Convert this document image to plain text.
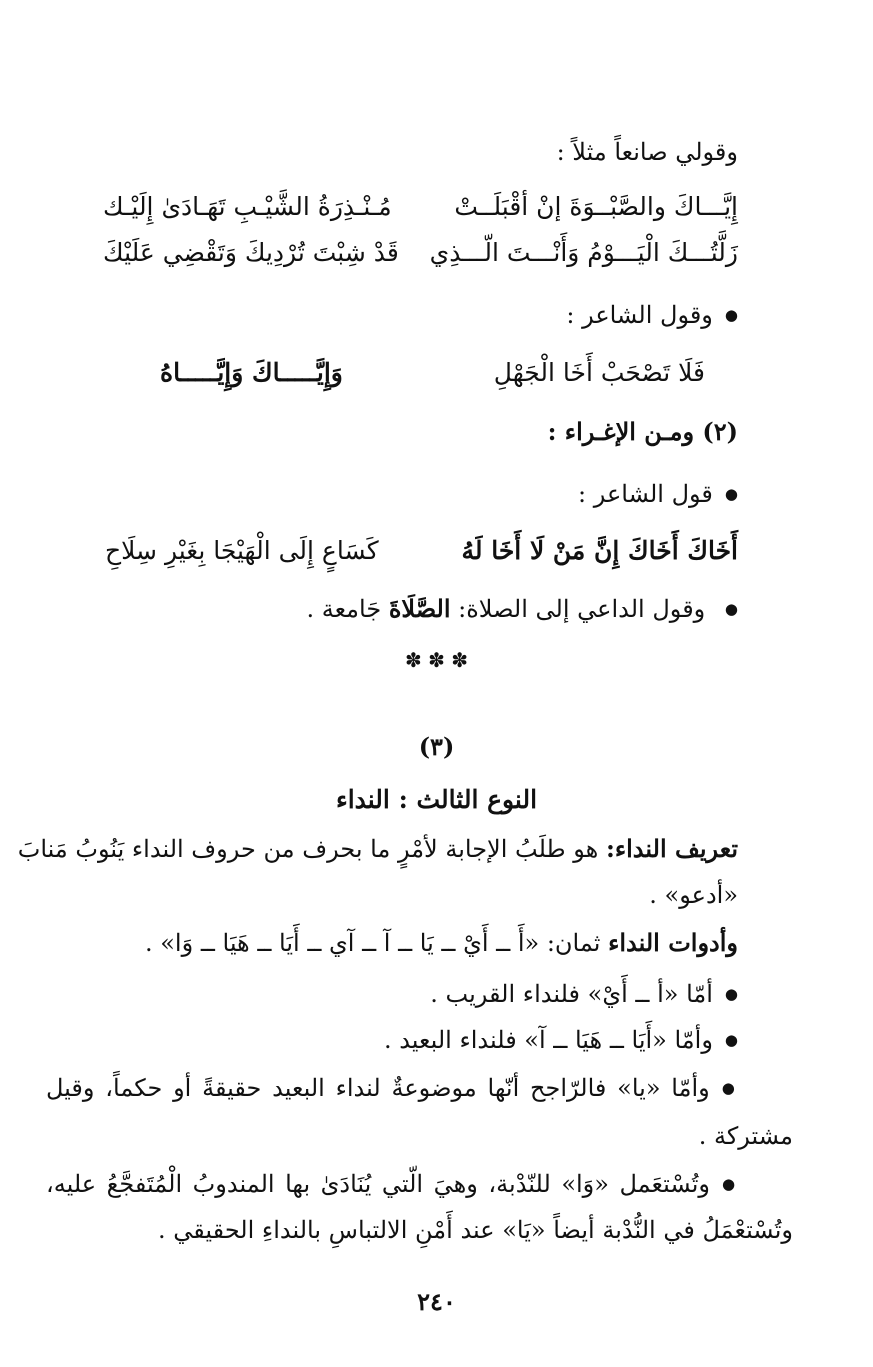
وقولي صانعاً مثلاً :
إِيَّـــاكَ والصَّبْــوَةَ إنْ أقْبَلَــتْ
مُـنْـذِرَةُ الشَّيْـبِ تَهَـادَىٰ إِلَيْـك
زَلَّتُـــكَ الْيَـــوْمُ وَأَنْـــتَ الّـــذِي
قَدْ شِبْتَ تُرْدِيكَ وَتَقْضِي عَلَيْكَ
● وقول الشاعر :
فَلَا تَصْحَبْ أَخَا الْجَهْلِ
وَإِيَّـــــاكَ وَإِيَّـــــاهُ
(٢) ومـن الإغـراء :
● قول الشاعر :
أَخَاكَ أَخَاكَ إِنَّ مَنْ لَا أَخَا لَهُ
كَسَاعٍ إِلَى الْهَيْجَا بِغَيْرِ سِلَاحِ
● وقول الداعي إلى الصلاة: الصَّلَاةَ جَامعة .
✽ ✽ ✽
(٣)
النوع الثالث : النداء
تعريف النداء: هو طلَبُ الإجابة لأمْرٍ ما بحرف من حروف النداء يَنُوبُ مَنابَ
«أدعو» .
وأدوات النداء ثمان: «أَ ــ أَيْ ــ يَا ــ آ ــ آي ــ أَيَا ــ هَيَا ــ وَا» .
● أمّا «أ ــ أَيْ» فلنداء القريب .
● وأمّا «أَيَا ــ هَيَا ــ آ» فلنداء البعيد .
● وأمّا «يا» فالرّاجح أنّها موضوعةٌ لنداء البعيد حقيقةً أو حكماً، وقيل
مشتركة .
● وتُسْتعَمل «وَا» للنّدْبة، وهيَ الّتي يُنَادَىٰ بها المندوبُ الْمُتَفجَّعُ عليه،
وتُسْتعْمَلُ في النُّدْبة أيضاً «يَا» عند أَمْنِ الالتباسِ بالنداءِ الحقيقي .
٢٤٠
